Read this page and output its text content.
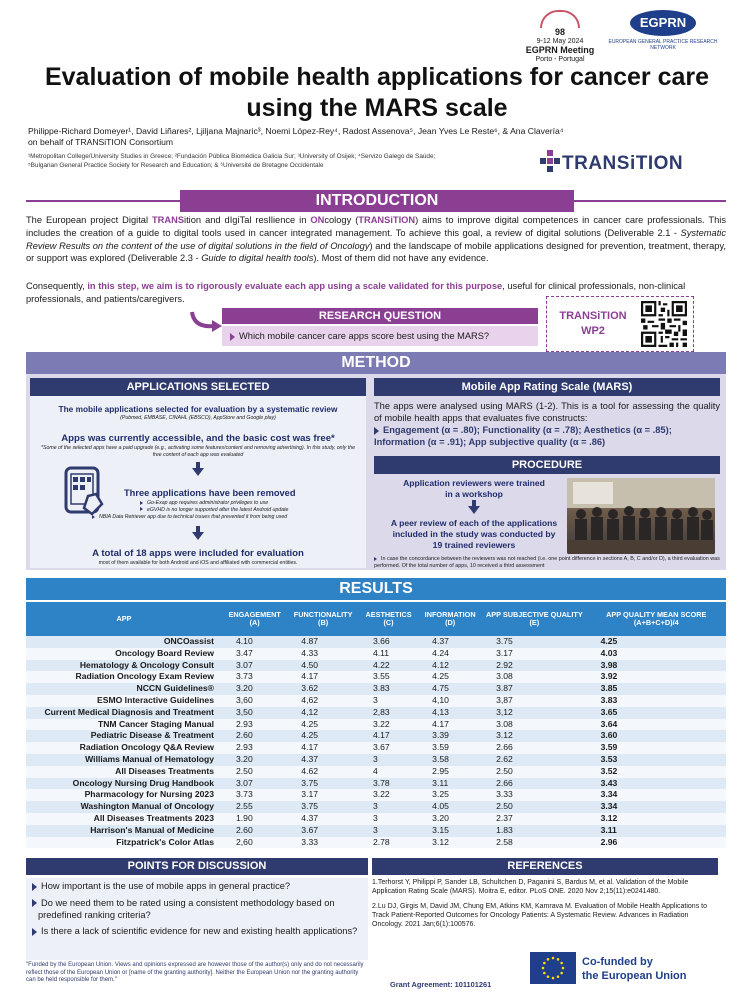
98
9-12 May 2024
EGPRN Meeting
Porto - Portugal
EGPRN
EUROPEAN GENERAL PRACTICE RESEARCH NETWORK
Evaluation of mobile health applications for cancer care using the MARS scale
Philippe-Richard Domeyer¹, David Liñares², Ljiljana Majnaric³, Noemi López-Rey⁴, Radost Assenova⁵, Jean Yves Le Reste⁶, & Ana Clavería⁴
on behalf of TRANSiTION Consortium
¹Metropolitan College/University Studies in Greece; ²Fundación Pública Biomédica Galicia Sur; ³University of Osijek; ⁴Servizo Galego de Saúde;
⁵Bulgarian General Practice Society for Research and Education; & ⁶Université de Bretagne Occidentale	TRANSiTION
INTRODUCTION
The European project Digital TRANSition and dIgiTal resIlience in ONcology (TRANSiTION) aims to improve digital competences in cancer care professionals. This includes the creation of a guide to digital tools used in cancer integrated management. To achieve this goal, a review of digital solutions (Deliverable 2.1 - Systematic Review Results on the content of the use of digital solutions in the field of Oncology) and the landscape of mobile applications designed for prevention, treatment, therapy, or support was explored (Deliverable 2.3 - Guide to digital health tools). Most of them did not have any evidence.
Consequently, in this step, we aim is to rigorously evaluate each app using a scale validated for this purpose, useful for clinical professionals, non-clinical professionals, and patients/caregivers.
RESEARCH QUESTION
Which mobile cancer care apps score best using the MARS?
TRANSiTION
WP2
METHOD
APPLICATIONS SELECTED
The mobile applications selected for evaluation by a systematic review
(Pubmed, EMBASE, CINAHL (EBSCO), AppStore and Google play)
Apps was currently accessible, and the basic cost was free*
*Some of the selected apps have a paid upgrade (e.g., activating some features/content and removing advertising). In this study, only the free content of each app was evaluated
Three applications have been removed
Go-Exap app requires administrator privileges to use
eGVHD is no longer supported after the latest Android update
NBIA Data Retriever app due to technical issues that prevented it from being used
A total of 18 apps were included for evaluation
most of them available for both Android and iOS and affiliated with commercial entities.
Mobile App Rating Scale (MARS)
The apps were analysed using MARS (1-2). This is a tool for assessing the quality of mobile health apps that evaluates five constructs:
Engagement (α = .80); Functionality (α = .78); Aesthetics (α = .85);
Information (α = .91); App subjective quality (α = .86)
PROCEDURE
Application reviewers were trained in a workshop
A peer review of each of the applications included in the study was conducted by 19 trained reviewers
In case the concordance between the reviewers was not reached (i.e. one point difference in sections A, B, C and/or D), a third evaluation was performed. Of the total number of apps, 10 received a third assessment
RESULTS
APP	ENGAGEMENT (A)	FUNCTIONALITY (B)	AESTHETICS (C)	INFORMATION (D)	APP SUBJECTIVE QUALITY (E)	APP QUALITY MEAN SCORE (A+B+C+D)/4
ONCOassist	4.10	4.87	3.66	4.37	3.75	4.25
Oncology Board Review	3.47	4.33	4.11	4.24	3.17	4.03
Hematology & Oncology Consult	3.07	4.50	4.22	4.12	2.92	3.98
Radiation Oncology Exam Review	3.73	4.17	3.55	4.25	3.08	3.92
NCCN Guidelines®	3.20	3.62	3.83	4.75	3.87	3.85
ESMO Interactive Guidelines	3,60	4,62	3	4,10	3,87	3.83
Current Medical Diagnosis and Treatment	3,50	4,12	2,83	4,13	3,12	3.65
TNM Cancer Staging Manual	2.93	4.25	3.22	4.17	3.08	3.64
Pediatric Disease & Treatment	2.60	4.25	4.17	3.39	3.12	3.60
Radiation Oncology Q&A Review	2.93	4.17	3.67	3.59	2.66	3.59
Williams Manual of Hematology	3.20	4.37	3	3.58	2.62	3.53
All Diseases Treatments	2.50	4.62	4	2.95	2.50	3.52
Oncology Nursing Drug Handbook	3.07	3.75	3.78	3.11	2.66	3.43
Pharmacology for Nursing 2023	3.73	3.17	3.22	3.25	3.33	3.34
Washington Manual of Oncology	2.55	3.75	3	4.05	2.50	3.34
All Diseases Treatments 2023	1.90	4.37	3	3.20	2.37	3.12
Harrison's Manual of Medicine	2.60	3.67	3	3.15	1.83	3.11
Fitzpatrick's Color Atlas	2,60	3.33	2.78	3.12	2.58	2.96
POINTS FOR DISCUSSION	REFERENCES

How important is the use of mobile apps in general practice?

Do we need them to be rated using a consistent methodology based on predefined ranking criteria?

Is there a lack of scientific evidence for new and existing health applications?

1.Terhorst Y, Philippi P, Sander LB, Schultchen D, Paganini S, Bardus M, et al. Validation of the Mobile Application Rating Scale (MARS). Moitra E, editor. PLoS ONE. 2020 Nov 2;15(11):e0241480.

2.Lu DJ, Girgis M, David JM, Chung EM, Atkins KM, Kamrava M. Evaluation of Mobile Health Applications to Track Patient-Reported Outcomes for Oncology Patients: A Systematic Review. Advances in Radiation Oncology. 2021 Jan;6(1):100576.

"Funded by the European Union. Views and opinions expressed are however those of the author(s) only and do not necessarily reflect those of the European Union or [name of the granting authority]. Neither the European Union nor the granting authority can be held responsible for them."	Grant Agreement: 101101261
Co-funded by
the European Union
